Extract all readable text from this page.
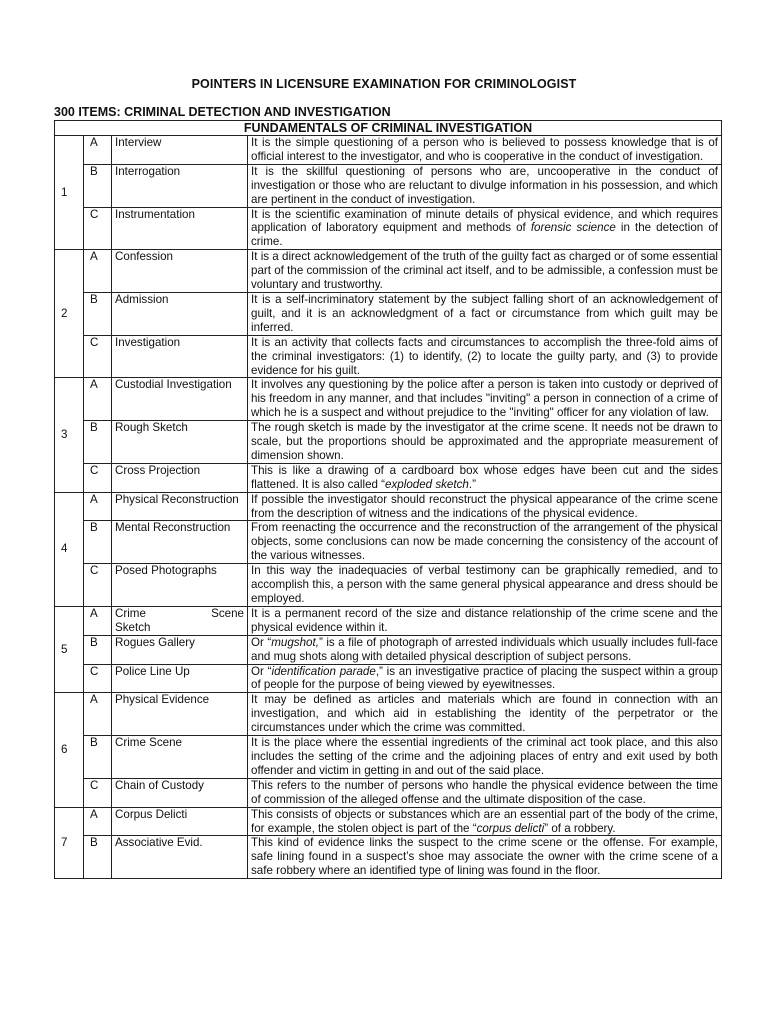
POINTERS IN LICENSURE EXAMINATION FOR CRIMINOLOGIST
300 ITEMS: CRIMINAL DETECTION AND INVESTIGATION
FUNDAMENTALS OF CRIMINAL INVESTIGATION			
1	A	Interview	It is the simple questioning of a person who is believed to possess knowledge that is of official interest to the investigator, and who is cooperative in the conduct of investigation.

	B	Interrogation	It is the skillful questioning of persons who are, uncooperative in the conduct of investigation or those who are reluctant to divulge information in his possession, and which are pertinent in the conduct of investigation.

	C	Instrumentation	It is the scientific examination of minute details of physical evidence, and which requires application of laboratory equipment and methods of forensic science in the detection of crime.

2	A	Confession	It is a direct acknowledgement of the truth of the guilty fact as charged or of some essential part of the commission of the criminal act itself, and to be admissible, a confession must be voluntary and trustworthy.

	B	Admission	It is a self-incriminatory statement by the subject falling short of an acknowledgement of guilt, and it is an acknowledgment of a fact or circumstance from which guilt may be inferred.

	C	Investigation	It is an activity that collects facts and circumstances to accomplish the three-fold aims of the criminal investigators: (1) to identify, (2) to locate the guilty party, and (3) to provide evidence for his guilt.

3	A	Custodial Investigation	It involves any questioning by the police after a person is taken into custody or deprived of his freedom in any manner, and that includes "inviting" a person in connection of a crime of which he is a suspect and without prejudice to the "inviting" officer for any violation of law.

	B	Rough Sketch	The rough sketch is made by the investigator at the crime scene. It needs not be drawn to scale, but the proportions should be approximated and the appropriate measurement of dimension shown.

	C	Cross Projection	This is like a drawing of a cardboard box whose edges have been cut and the sides flattened. It is also called “exploded sketch.”

4	A	Physical Reconstruction	If possible the investigator should reconstruct the physical appearance of the crime scene from the description of witness and the indications of the physical evidence.

	B	Mental Reconstruction	From reenacting the occurrence and the reconstruction of the arrangement of the physical objects, some conclusions can now be made concerning the consistency of the account of the various witnesses.

	C	Posed Photographs	In this way the inadequacies of verbal testimony can be graphically remedied, and to accomplish this, a person with the same general physical appearance and dress should be employed.

5	A	Crime Scene
Sketch	It is a permanent record of the size and distance relationship of the crime scene and the physical evidence within it.

	B	Rogues Gallery	Or “mugshot,” is a file of photograph of arrested individuals which usually includes full-face and mug shots along with detailed physical description of subject persons.

	C	Police Line Up	Or “identification parade,” is an investigative practice of placing the suspect within a group of people for the purpose of being viewed by eyewitnesses.

6	A	Physical Evidence	It may be defined as articles and materials which are found in connection with an investigation, and which aid in establishing the identity of the perpetrator or the circumstances under which the crime was committed.

	B	Crime Scene	It is the place where the essential ingredients of the criminal act took place, and this also includes the setting of the crime and the adjoining places of entry and exit used by both offender and victim in getting in and out of the said place.

	C	Chain of Custody	This refers to the number of persons who handle the physical evidence between the time of commission of the alleged offense and the ultimate disposition of the case.

7	A	Corpus Delicti	This consists of objects or substances which are an essential part of the body of the crime, for example, the stolen object is part of the “corpus delicti” of a robbery.

	B	Associative Evid.	This kind of evidence links the suspect to the crime scene or the offense. For example, safe lining found in a suspect’s shoe may associate the owner with the crime scene of a safe robbery where an identified type of lining was found in the floor.
